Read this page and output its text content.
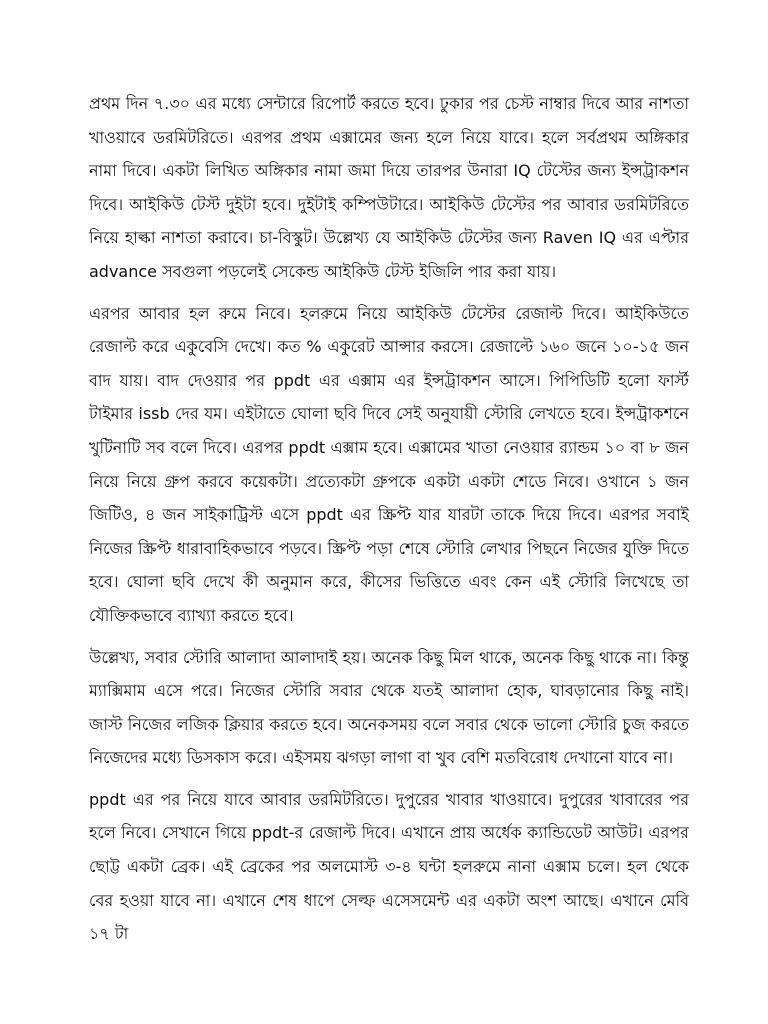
প্রথম দিন ৭.৩০ এর মধ্যে সেন্টারে রিপোর্ট করতে হবে। ঢুকার পর চেস্ট নাম্বার দিবে আর নাশতা খাওয়াবে ডরমিটরিতে। এরপর প্রথম এক্সামের জন্য হলে নিয়ে যাবে। হলে সর্বপ্রথম অঙ্গিকার নামা দিবে। একটা লিখিত অঙ্গিকার নামা জমা দিয়ে তারপর উনারা IQ টেস্টের জন্য ইন্সট্রাকশন দিবে। আইকিউ টেস্ট দুইটা হবে। দুইটাই কম্পিউটারে। আইকিউ টেস্টের পর আবার ডরমিটরিতে নিয়ে হাল্কা নাশতা করাবে। চা-বিস্কুট। উল্লেখ্য যে আইকিউ টেস্টের জন্য Raven IQ এর এপ্টার advance সবগুলা পড়লেই সেকেন্ড আইকিউ টেস্ট ইজিলি পার করা যায়।

এরপর আবার হল রুমে নিবে। হলরুমে নিয়ে আইকিউ টেস্টের রেজাল্ট দিবে। আইকিউতে রেজাল্ট করে একুবেসি দেখে। কত % একুরেট আন্সার করসে। রেজাল্টে ১৬০ জনে ১০-১৫ জন বাদ যায়। বাদ দেওয়ার পর ppdt এর এক্সাম এর ইন্সট্রাকশন আসে। পিপিডিটি হলো ফার্স্ট টাইমার issb দের যম। এইটাতে ঘোলা ছবি দিবে সেই অনুযায়ী স্টোরি লেখতে হবে। ইন্সট্রাকশনে খুটিনাটি সব বলে দিবে। এরপর ppdt এক্সাম হবে। এক্সামের খাতা নেওয়ার র‍্যান্ডম ১০ বা ৮ জন নিয়ে নিয়ে গ্রুপ করবে কয়েকটা। প্রত্যেকটা গ্রুপকে একটা একটা শেডে নিবে। ওখানে ১ জন জিটিও, ৪ জন সাইকাট্রিস্ট এসে ppdt এর স্ক্রিপ্ট যার যারটা তাকে দিয়ে দিবে। এরপর সবাই নিজের স্ক্রিপ্ট ধারাবাহিকভাবে পড়বে। স্ক্রিপ্ট পড়া শেষে স্টোরি লেখার পিছনে নিজের যুক্তি দিতে হবে। ঘোলা ছবি দেখে কী অনুমান করে, কীসের ভিত্তিতে এবং কেন এই স্টোরি লিখেছে তা যৌক্তিকভাবে ব্যাখ্যা করতে হবে।

উল্লেখ্য, সবার স্টোরি আলাদা আলাদাই হয়। অনেক কিছু মিল থাকে, অনেক কিছু থাকে না। কিন্তু ম্যাক্সিমাম এসে পরে। নিজের স্টোরি সবার থেকে যতই আলাদা হোক, ঘাবড়ানোর কিছু নাই। জাস্ট নিজের লজিক ক্লিয়ার করতে হবে। অনেকসময় বলে সবার থেকে ভালো স্টোরি চুজ করতে নিজেদের মধ্যে ডিসকাস করে। এইসময় ঝগড়া লাগা বা খুব বেশি মতবিরোধ দেখানো যাবে না।

ppdt এর পর নিয়ে যাবে আবার ডরমিটরিতে। দুপুরের খাবার খাওয়াবে। দুপুরের খাবারের পর হলে নিবে। সেখানে গিয়ে ppdt-র রেজাল্ট দিবে। এখানে প্রায় অর্ধেক ক্যান্ডিডেট আউট। এরপর ছোট্ট একটা ব্রেক। এই ব্রেকের পর অলমোস্ট ৩-৪ ঘন্টা হলরুমে নানা এক্সাম চলে। হল থেকে বের হওয়া যাবে না। এখানে শেষ ধাপে সেল্ফ এসেসমেন্ট এর একটা অংশ আছে। এখানে মেবি ১৭ টা
